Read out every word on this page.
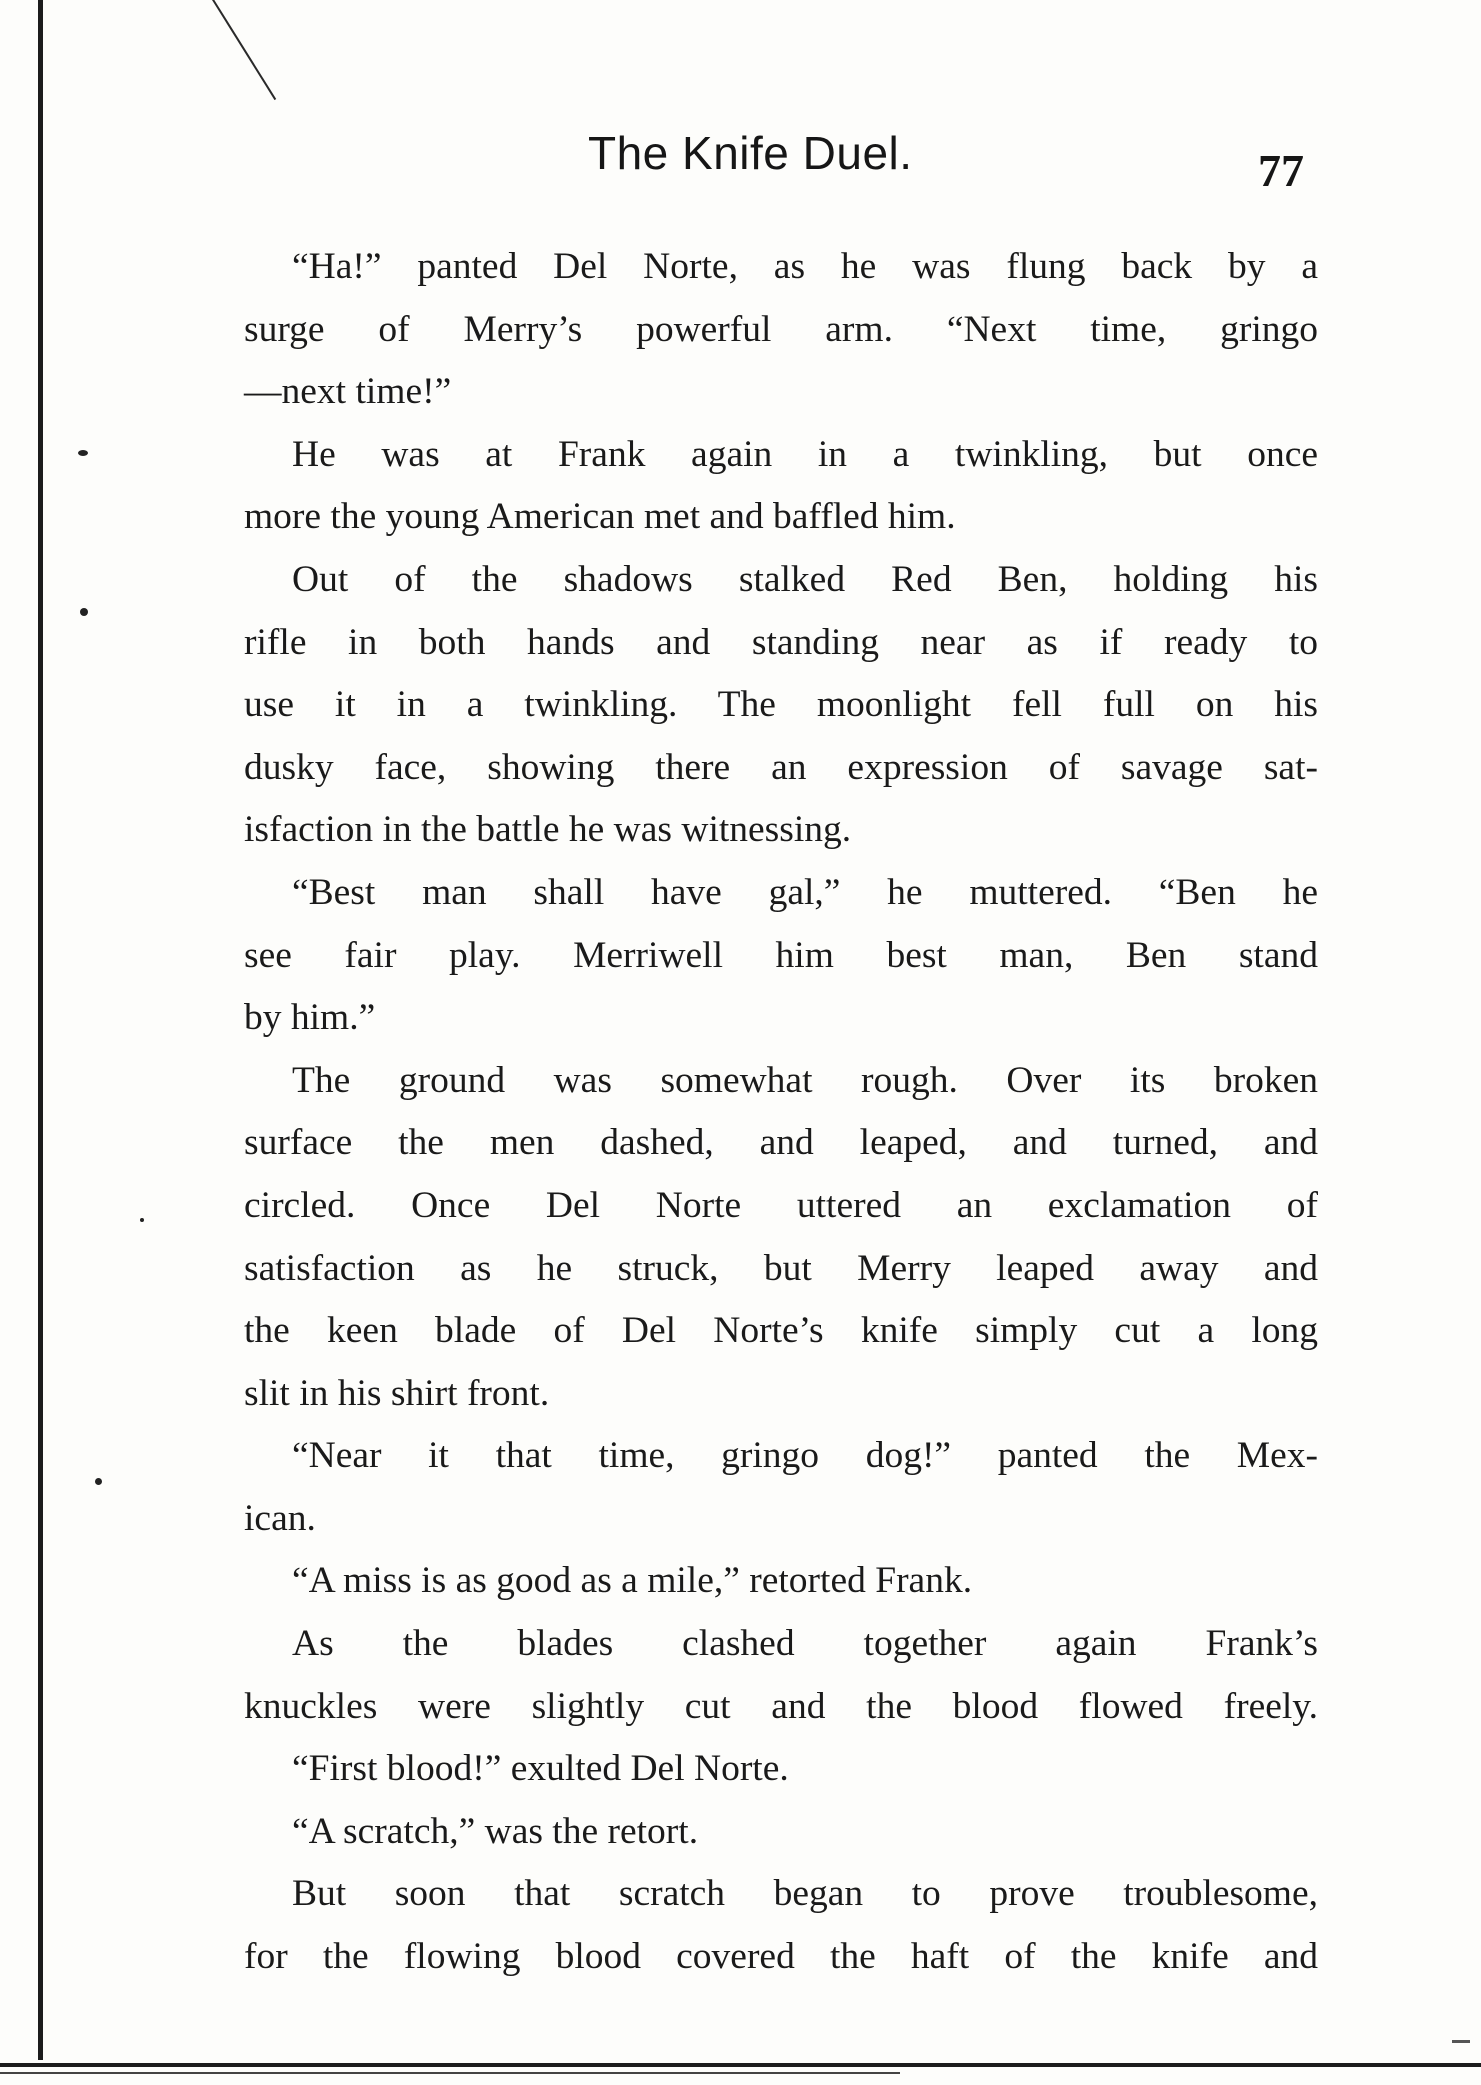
The Knife Duel.	77

“Ha!” panted Del Norte, as he was flung back by a
surge of Merry’s powerful arm. “Next time, gringo
—next time!”

He was at Frank again in a twinkling, but once
more the young American met and baffled him.

Out of the shadows stalked Red Ben, holding his
rifle in both hands and standing near as if ready to
use it in a twinkling. The moonlight fell full on his
dusky face, showing there an expression of savage sat-
isfaction in the battle he was witnessing.

“Best man shall have gal,” he muttered. “Ben he
see fair play. Merriwell him best man, Ben stand
by him.”

The ground was somewhat rough. Over its broken
surface the men dashed, and leaped, and turned, and
circled. Once Del Norte uttered an exclamation of
satisfaction as he struck, but Merry leaped away and
the keen blade of Del Norte’s knife simply cut a long
slit in his shirt front.

“Near it that time, gringo dog!” panted the Mex-
ican.

“A miss is as good as a mile,” retorted Frank.

As the blades clashed together again Frank’s
knuckles were slightly cut and the blood flowed freely.

“First blood!” exulted Del Norte.

“A scratch,” was the retort.

But soon that scratch began to prove troublesome,
for the flowing blood covered the haft of the knife and
